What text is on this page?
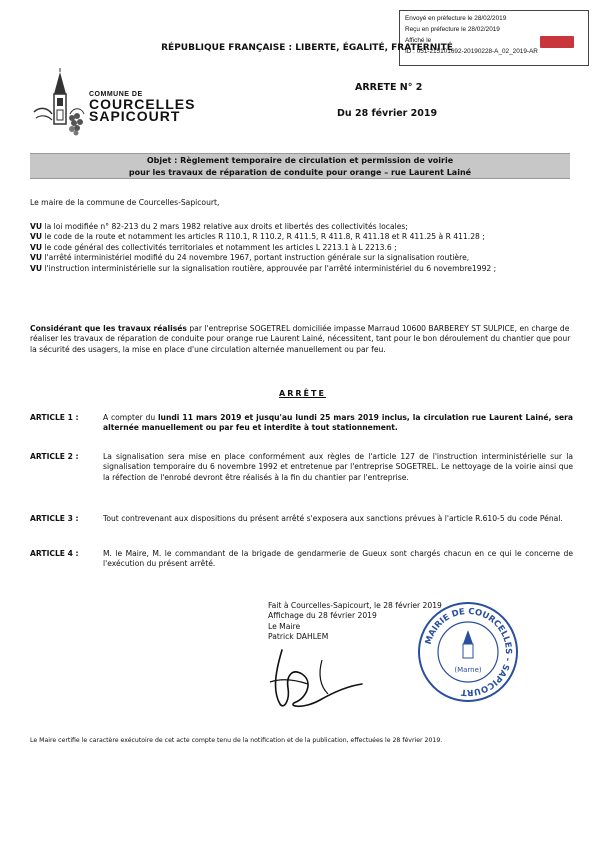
Envoyé en préfecture le 28/02/2019
Reçu en préfecture le 28/02/2019
Affiché le
ID : 051-215101692-20190228-A_02_2019-AR
RÉPUBLIQUE FRANÇAISE : LIBERTE, ÉGALITÉ, FRATERNITÉ
COMMUNE DE
COURCELLES
SAPICOURT
ARRETE N° 2
Du 28 février 2019
Objet : Règlement temporaire de circulation et permission de voirie
pour les travaux de réparation de conduite pour orange – rue Laurent Lainé
Le maire de la commune de Courcelles-Sapicourt,
VU la loi modifiée n° 82-213 du 2 mars 1982 relative aux droits et libertés des collectivités locales;
VU le code de la route et notamment les articles R 110.1, R 110.2, R 411.5, R 411.8, R 411.18 et R 411.25 à R 411.28 ;
VU le code général des collectivités territoriales et notamment les articles L 2213.1 à L 2213.6 ;
VU l'arrêté interministériel modifié du 24 novembre 1967, portant instruction générale sur la signalisation routière,
VU l'instruction interministérielle sur la signalisation routière, approuvée par l'arrêté interministériel du 6 novembre1992 ;
Considérant que les travaux réalisés par l'entreprise SOGETREL domiciliée impasse Marraud 10600 BARBEREY ST SULPICE, en charge de réaliser les travaux de réparation de conduite pour orange rue Laurent Lainé, nécessitent, tant pour le bon déroulement du chantier que pour la sécurité des usagers, la mise en place d'une circulation alternée manuellement ou par feu.
ARRÊTE
ARTICLE 1 :	A compter du lundi 11 mars 2019 et jusqu'au lundi 25 mars 2019 inclus, la circulation rue Laurent Lainé, sera alternée manuellement ou par feu et interdite à tout stationnement.
ARTICLE 2 :	La signalisation sera mise en place conformément aux règles de l'article 127 de l'instruction interministérielle sur la signalisation temporaire du 6 novembre 1992 et entretenue par l'entreprise SOGETREL. Le nettoyage de la voirie ainsi que la réfection de l'enrobé devront être réalisés à la fin du chantier par l'entreprise.
ARTICLE 3 :	Tout contrevenant aux dispositions du présent arrêté s'exposera aux sanctions prévues à l'article R.610-5 du code Pénal.
ARTICLE 4 :	M. le Maire, M. le commandant de la brigade de gendarmerie de Gueux sont chargés chacun en ce qui le concerne de l'exécution du présent arrêté.
Fait à Courcelles-Sapicourt, le 28 février 2019
Affichage du 28 février 2019
Le Maire
Patrick DAHLEM	MAIRIE DE COURCELLES - SAPICOURT
(Marne)
Le Maire certifie le caractère exécutoire de cet acte compte tenu de la notification et de la publication, effectuées le 28 février 2019.
